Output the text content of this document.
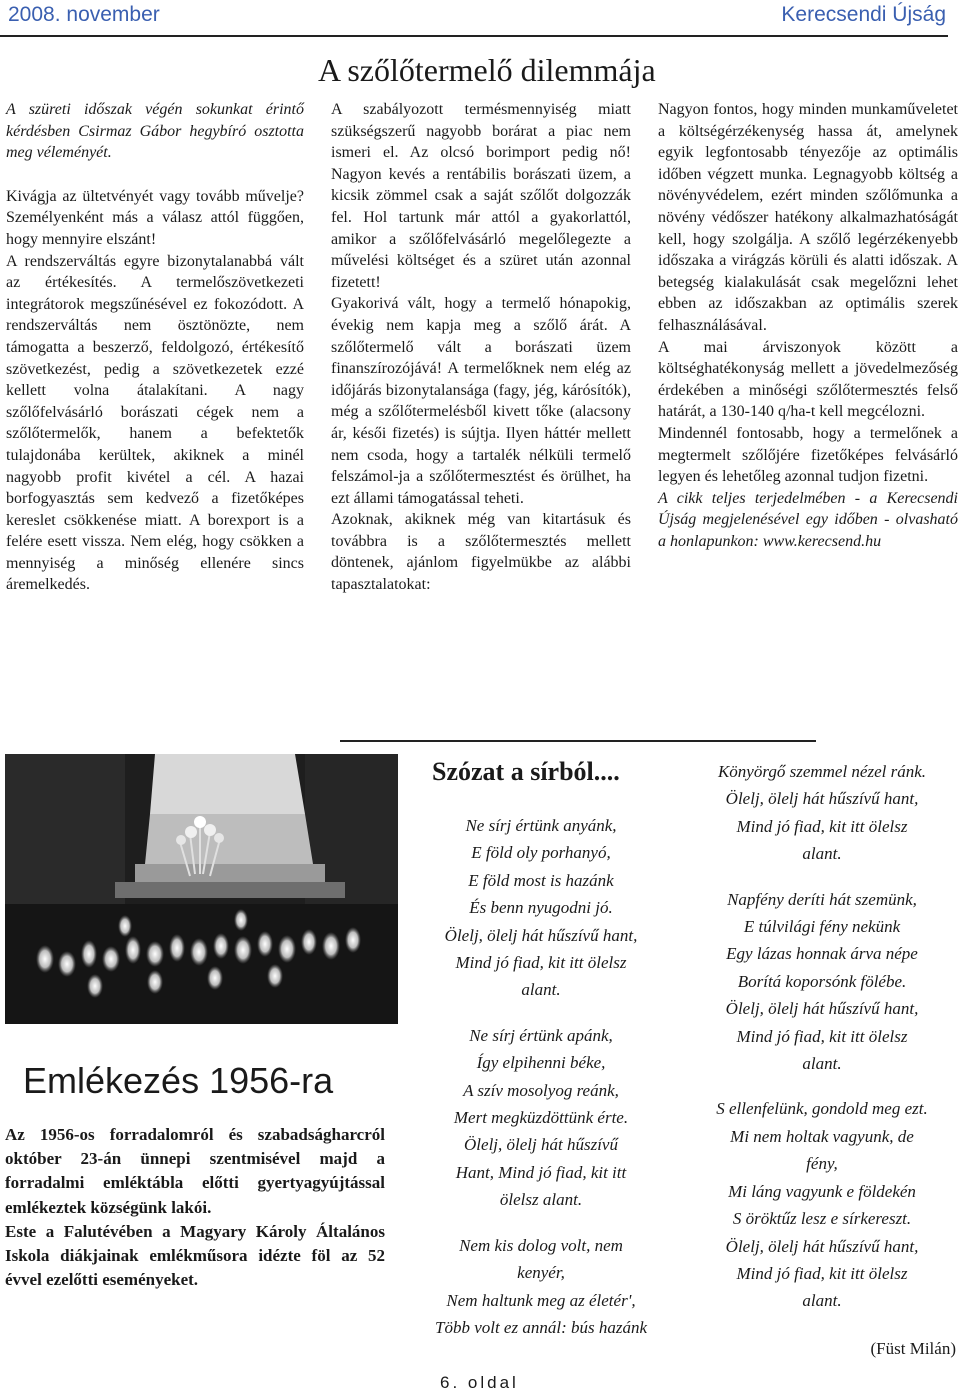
2008. november	Kerecsendi Újság
A szőlőtermelő dilemmája

A szüreti időszak végén sokunkat érintő kérdésben Csirmaz Gábor hegybíró osztotta meg véleményét.

Kivágja az ültetvényét vagy tovább művelje? Személyenként más a válasz attól függően, hogy mennyire elszánt!

A rendszerváltás egyre bizonytalanabbá vált az értékesítés. A termelőszövetkezeti integrátorok megszűnésével ez fokozódott. A rendszerváltás nem ösztönözte, nem támogatta a beszerző, feldolgozó, értékesítő szövetkezést, pedig a szövetkezetek ezzé kellett volna átalakítani. A nagy szőlőfelvásárló borászati cégek nem a szőlőtermelők, hanem a befektetők tulajdonába kerültek, akiknek a minél nagyobb profit kivétel a cél. A hazai borfogyasztás sem kedvező a fizetőképes kereslet csökkenése miatt. A borexport is a felére esett vissza. Nem elég, hogy csökken a mennyiség a minőség ellenére sincs áremelkedés.

A szabályozott termésmennyiség miatt szükségszerű nagyobb borárat a piac nem ismeri el. Az olcsó borimport pedig nő! Nagyon kevés a rentábilis borászati üzem, a kicsik zömmel csak a saját szőlőt dolgozzák fel. Hol tartunk már attól a gyakorlattól, amikor a szőlőfelvásárló megelőlegezte a művelési költséget és a szüret után azonnal fizetett!

Gyakorivá vált, hogy a termelő hónapokig, évekig nem kapja meg a szőlő árát. A szőlőtermelő vált a borászati üzem finanszírozójává! A termelőknek nem elég az időjárás bizonytalansága (fagy, jég, kárósítók), még a szőlőtermelésből kivett tőke (alacsony ár, késői fizetés) is sújtja. Ilyen háttér mellett nem csoda, hogy a tartalék nélküli termelő felszámol-ja a szőlőtermesztést és örülhet, ha ezt állami támogatással teheti.

Azoknak, akiknek még van kitartásuk és továbbra is a szőlőtermesztés mellett döntenek, ajánlom figyelmükbe az alábbi tapasztalatokat:

Nagyon fontos, hogy minden munkaműveletet a költségérzékenység hassa át, amelynek egyik legfontosabb tényezője az optimális időben végzett munka. Legnagyobb költség a növényvédelem, ezért minden szőlőmunka a növény védőszer hatékony alkalmazhatóságát kell, hogy szolgálja. A szőlő legérzékenyebb időszaka a virágzás körüli és alatti időszak. A betegség kialakulását csak megelőzni lehet ebben az időszakban az optimális szerek felhasználásával.

A mai árviszonyok között a költséghatékonyság mellett a jövedelmezőség érdekében a minőségi szőlőtermesztés felső határát, a 130-140 q/ha-t kell megcélozni.

Mindennél fontosabb, hogy a termelőnek a megtermelt szőlőjére fizetőképes felvásárló legyen és lehetőleg azonnal tudjon fizetni.

A cikk teljes terjedelmében - a Kerecsendi Újság megjelenésével egy időben - olvasható a honlapunkon: www.kerecsend.hu

Emlékezés 1956-ra

Az 1956-os forradalomról és szabadságharcról október 23-án ünnepi szentmisével majd a forradalmi emléktábla előtti gyertyagyújtással emlékeztek községünk lakói.

Este a Falutévében a Magyary Károly Általános Iskola diákjainak emlékműsora idézte föl az 52 évvel ezelőtti eseményeket.

Szózat a sírból....

Ne sírj értünk anyánk,

E föld oly porhanyó,

E föld most is hazánk

És benn nyugodni jó.

Ölelj, ölelj hát hűszívű hant,

Mind jó fiad, kit itt ölelsz

alant.

Ne sírj értünk apánk,

Így elpihenni béke,

A szív mosolyog reánk,

Mert megküzdöttünk érte.

Ölelj, ölelj hát hűszívű

Hant, Mind jó fiad, kit itt

ölelsz alant.

Nem kis dolog volt, nem

kenyér,

Nem haltunk meg az életér',

Több volt ez annál: bús hazánk

Könyörgő szemmel nézel ránk.

Ölelj, ölelj hát hűszívű hant,

Mind jó fiad, kit itt ölelsz

alant.

Napfény deríti hát szemünk,

E túlvilági fény nekünk

Egy lázas honnak árva népe

Borítá koporsónk fölébe.

Ölelj, ölelj hát hűszívű hant,

Mind jó fiad, kit itt ölelsz

alant.

S ellenfelünk, gondold meg ezt.

Mi nem holtak vagyunk, de

fény,

Mi láng vagyunk e földekén

S öröktűz lesz e sírkereszt.

Ölelj, ölelj hát hűszívű hant,

Mind jó fiad, kit itt ölelsz

alant.

(Füst Milán)
6. oldal
